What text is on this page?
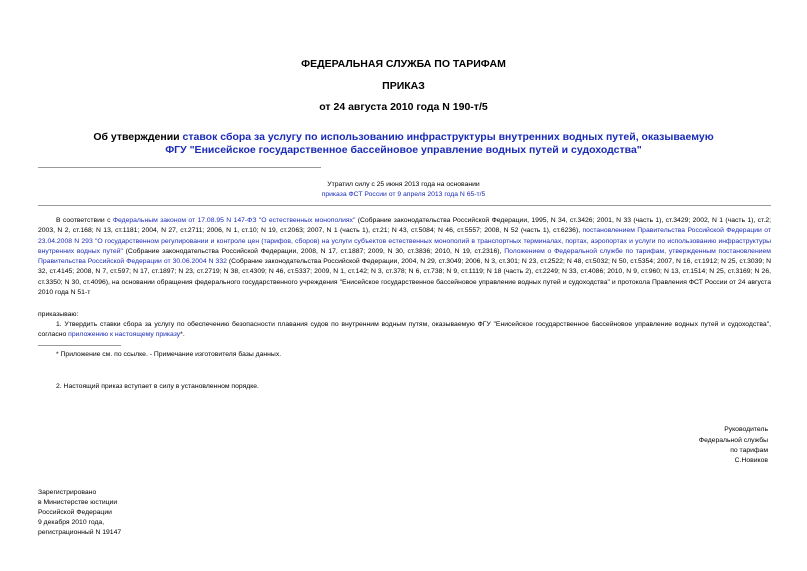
ФЕДЕРАЛЬНАЯ СЛУЖБА ПО ТАРИФАМ
ПРИКАЗ
от 24 августа 2010 года N 190-т/5
Об утверждении ставок сбора за услугу по использованию инфраструктуры внутренних водных путей, оказываемую ФГУ "Енисейское государственное бассейновое управление водных путей и судоходства"
Утратил силу с 25 июня 2013 года на основании
приказа ФСТ России от 9 апреля 2013 года N 65-т/5
В соответствии с Федеральным законом от 17.08.95 N 147-ФЗ "О естественных монополиях" (Собрание законодательства Российской Федерации, 1995, N 34, ст.3426; 2001, N 33 (часть 1), ст.3429; 2002, N 1 (часть 1), ст.2; 2003, N 2, ст.168; N 13, ст.1181; 2004, N 27, ст.2711; 2006, N 1, ст.10; N 19, ст.2063; 2007, N 1 (часть 1), ст.21; N 43, ст.5084; N 46, ст.5557; 2008, N 52 (часть 1), ст.6236), постановлением Правительства Российской Федерации от 23.04.2008 N 293 "О государственном регулировании и контроле цен (тарифов, сборов) на услуги субъектов естественных монополий в транспортных терминалах, портах, аэропортах и услуги по использованию инфраструктуры внутренних водных путей" (Собрание законодательства Российской Федерации, 2008, N 17, ст.1887; 2009, N 30, ст.3836; 2010, N 19, ст.2316), Положением о Федеральной службе по тарифам, утвержденным постановлением Правительства Российской Федерации от 30.06.2004 N 332 (Собрание законодательства Российской Федерации, 2004, N 29, ст.3049; 2006, N 3, ст.301; N 23, ст.2522; N 48, ст.5032; N 50, ст.5354; 2007, N 16, ст.1912; N 25, ст.3039; N 32, ст.4145; 2008, N 7, ст.597; N 17, ст.1897; N 23, ст.2719; N 38, ст.4309; N 46, ст.5337; 2009, N 1, ст.142; N 3, ст.378; N 6, ст.738; N 9, ст.1119; N 18 (часть 2), ст.2249; N 33, ст.4086; 2010, N 9, ст.960; N 13, ст.1514; N 25, ст.3169; N 26, ст.3350; N 30, ст.4096), на основании обращения федерального государственного учреждения "Енисейское государственное бассейновое управление водных путей и судоходства" и протокола Правления ФСТ России от 24 августа 2010 года N 51-т
приказываю:
1. Утвердить ставки сбора за услугу по обеспечению безопасности плавания судов по внутренним водным путям, оказываемую ФГУ "Енисейское государственное бассейновое управление водных путей и судоходства", согласно приложению к настоящему приказу*.
* Приложение см. по ссылке. - Примечание изготовителя базы данных.
2. Настоящий приказ вступает в силу в установленном порядке.
Руководитель
Федеральной службы
по тарифам
С.Новиков
Зарегистрировано
в Министерстве юстиции
Российской Федерации
9 декабря 2010 года,
регистрационный N 19147
